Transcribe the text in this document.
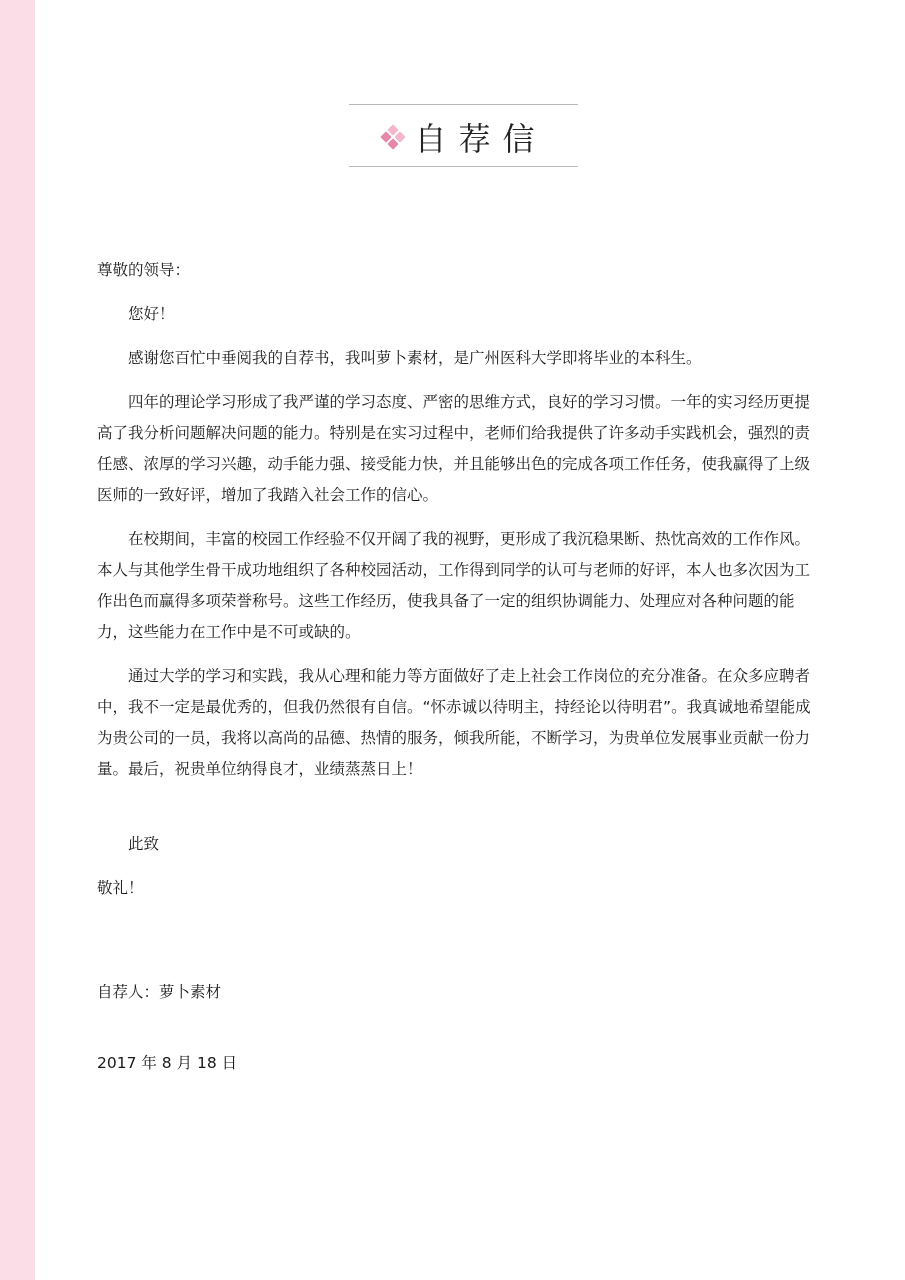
自荐信

尊敬的领导：

您好！

感谢您百忙中垂阅我的自荐书，我叫萝卜素材，是广州医科大学即将毕业的本科生。

四年的理论学习形成了我严谨的学习态度、严密的思维方式，良好的学习习惯。一年的实习经历更提高了我分析问题解决问题的能力。特别是在实习过程中，老师们给我提供了许多动手实践机会，强烈的责任感、浓厚的学习兴趣，动手能力强、接受能力快，并且能够出色的完成各项工作任务，使我赢得了上级医师的一致好评，增加了我踏入社会工作的信心。

在校期间，丰富的校园工作经验不仅开阔了我的视野，更形成了我沉稳果断、热忱高效的工作作风。本人与其他学生骨干成功地组织了各种校园活动，工作得到同学的认可与老师的好评，本人也多次因为工作出色而赢得多项荣誉称号。这些工作经历，使我具备了一定的组织协调能力、处理应对各种问题的能力，这些能力在工作中是不可或缺的。

通过大学的学习和实践，我从心理和能力等方面做好了走上社会工作岗位的充分准备。在众多应聘者中，我不一定是最优秀的，但我仍然很有自信。“怀赤诚以待明主，持经论以待明君”。我真诚地希望能成为贵公司的一员，我将以高尚的品德、热情的服务，倾我所能，不断学习，为贵单位发展事业贡献一份力量。最后，祝贵单位纳得良才，业绩蒸蒸日上！

此致

敬礼！

自荐人：萝卜素材

2017 年 8 月 18 日
